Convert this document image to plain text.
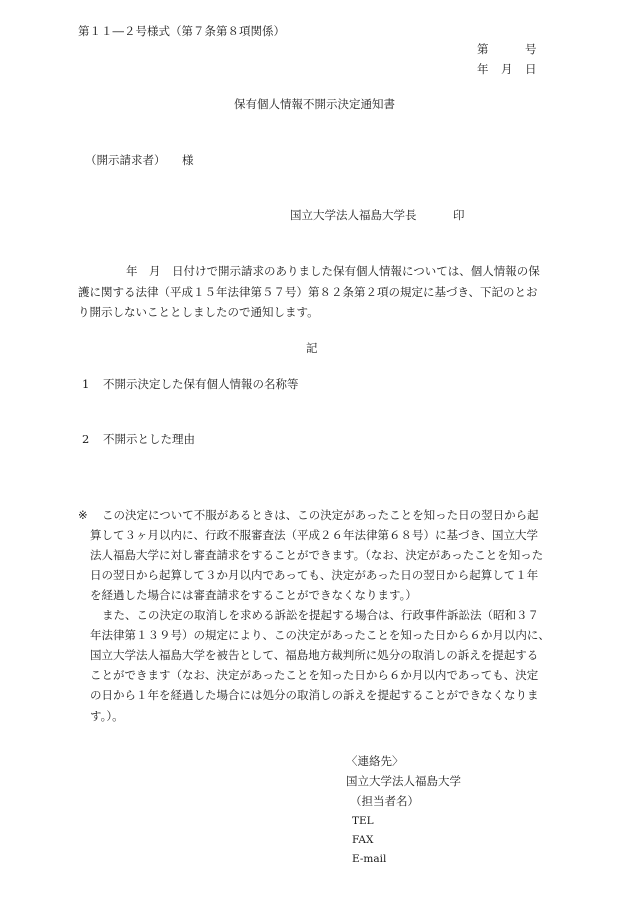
第１１―２号様式（第７条第８項関係）
第	号
年 月 日
保有個人情報不開示決定通知書
（開示請求者） 様
国立大学法人福島大学長	印
年　月　日付けで開示請求のありました保有個人情報については、個人情報の保
護に関する法律（平成１５年法律第５７号）第８２条第２項の規定に基づき、下記のとお
り開示しないこととしましたので通知します。
記
1 不開示決定した保有個人情報の名称等
2 不開示とした理由
※ この決定について不服があるときは、この決定があったことを知った日の翌日から起
算して３ヶ月以内に、行政不服審査法（平成２６年法律第６８号）に基づき、国立大学
法人福島大学に対し審査請求をすることができます。（なお、決定があったことを知った
日の翌日から起算して３か月以内であっても、決定があった日の翌日から起算して１年
を経過した場合には審査請求をすることができなくなります。）
また、この決定の取消しを求める訴訟を提起する場合は、行政事件訴訟法（昭和３７
年法律第１３９号）の規定により、この決定があったことを知った日から６か月以内に、
国立大学法人福島大学を被告として、福島地方裁判所に処分の取消しの訴えを提起する
ことができます（なお、決定があったことを知った日から６か月以内であっても、決定
の日から１年を経過した場合には処分の取消しの訴えを提起することができなくなりま
す。）。
〈連絡先〉
国立大学法人福島大学
（担当者名）
TEL
FAX
E-mail
